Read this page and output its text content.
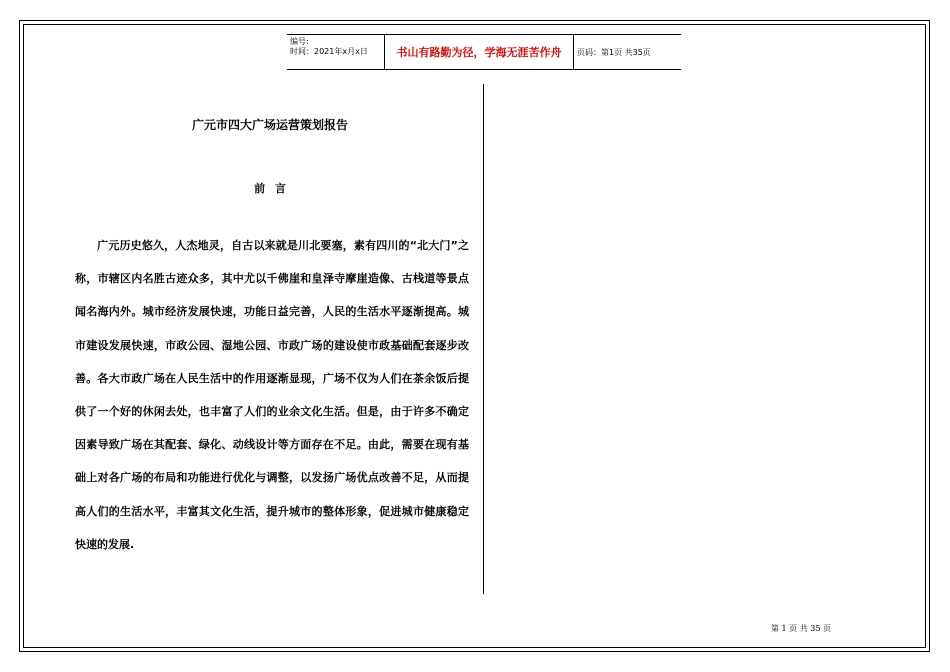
编号:
时间：2021年x月x日	书山有路勤为径，学海无涯苦作舟	页码：第1页 共35页
广元市四大广场运营策划报告
前 言

广元历史悠久，人杰地灵，自古以来就是川北要塞，素有四川的“北大门”之称，市辖区内名胜古迹众多，其中尤以千佛崖和皇泽寺摩崖造像、古栈道等景点闻名海内外。城市经济发展快速，功能日益完善，人民的生活水平逐渐提高。城市建设发展快速，市政公园、湿地公园、市政广场的建设使市政基础配套逐步改善。各大市政广场在人民生活中的作用逐渐显现，广场不仅为人们在茶余饭后提供了一个好的休闲去处，也丰富了人们的业余文化生活。但是，由于许多不确定因素导致广场在其配套、绿化、动线设计等方面存在不足。由此，需要在现有基础上对各广场的布局和功能进行优化与调整，以发扬广场优点改善不足，从而提高人们的生活水平，丰富其文化生活，提升城市的整体形象，促进城市健康稳定快速的发展.

第 1 页 共 35 页
